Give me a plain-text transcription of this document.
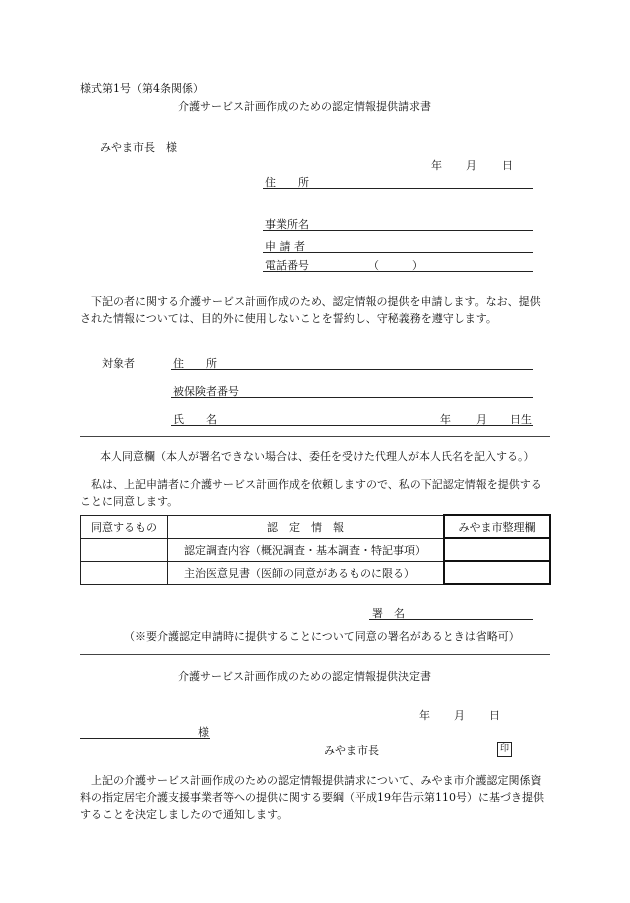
様式第1号（第4条関係）
介護サービス計画作成のための認定情報提供請求書
みやま市長　様
年 月 日
住　　所
事業所名
申 請 者
電話番号	（　　　）
下記の者に関する介護サービス計画作成のため、認定情報の提供を申請します。なお、提供された情報については、目的外に使用しないことを誓約し、守秘義務を遵守します。
対象者	住　　所
被保険者番号
氏　　名	年 月 日生
本人同意欄（本人が署名できない場合は、委任を受けた代理人が本人氏名を記入する。）
私は、上記申請者に介護サービス計画作成を依頼しますので、私の下記認定情報を提供することに同意します。
同意するもの	認　定　情　報	みやま市整理欄
	認定調査内容（概況調査・基本調査・特記事項）	
	主治医意見書（医師の同意があるものに限る）	
署　名
（※要介護認定申請時に提供することについて同意の署名があるときは省略可）
介護サービス計画作成のための認定情報提供決定書
年 月 日
様
みやま市長	印
上記の介護サービス計画作成のための認定情報提供請求について、みやま市介護認定関係資料の指定居宅介護支援事業者等への提供に関する要綱（平成19年告示第110号）に基づき提供することを決定しましたので通知します。
